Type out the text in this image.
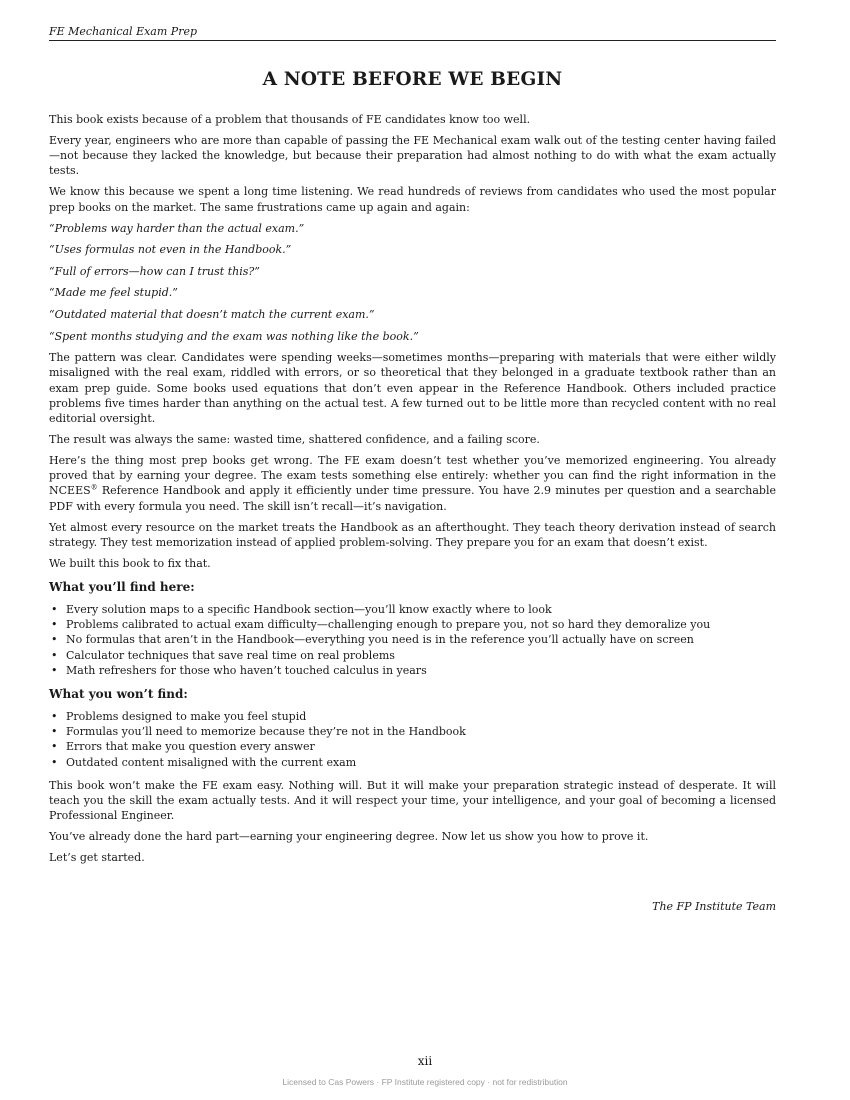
FE Mechanical Exam Prep
A NOTE BEFORE WE BEGIN

This book exists because of a problem that thousands of FE candidates know too well.

Every year, engineers who are more than capable of passing the FE Mechanical exam walk out of the testing center having failed—not because they lacked the knowledge, but because their preparation had almost nothing to do with what the exam actually tests.

We know this because we spent a long time listening. We read hundreds of reviews from candidates who used the most popular prep books on the market. The same frustrations came up again and again:

“Problems way harder than the actual exam.”

“Uses formulas not even in the Handbook.”

“Full of errors—how can I trust this?”

“Made me feel stupid.”

“Outdated material that doesn’t match the current exam.”

“Spent months studying and the exam was nothing like the book.”

The pattern was clear. Candidates were spending weeks—sometimes months—preparing with materials that were either wildly misaligned with the real exam, riddled with errors, or so theoretical that they belonged in a graduate textbook rather than an exam prep guide. Some books used equations that don’t even appear in the Reference Handbook. Others included practice problems five times harder than anything on the actual test. A few turned out to be little more than recycled content with no real editorial oversight.

The result was always the same: wasted time, shattered confidence, and a failing score.

Here’s the thing most prep books get wrong. The FE exam doesn’t test whether you’ve memorized engineering. You already proved that by earning your degree. The exam tests something else entirely: whether you can find the right information in the NCEES® Reference Handbook and apply it efficiently under time pressure. You have 2.9 minutes per question and a searchable PDF with every formula you need. The skill isn’t recall—it’s navigation.

Yet almost every resource on the market treats the Handbook as an afterthought. They teach theory derivation instead of search strategy. They test memorization instead of applied problem-solving. They prepare you for an exam that doesn’t exist.

We built this book to fix that.

What you’ll find here:
• Every solution maps to a specific Handbook section—you’ll know exactly where to look
• Problems calibrated to actual exam difficulty—challenging enough to prepare you, not so hard they demoralize you
• No formulas that aren’t in the Handbook—everything you need is in the reference you’ll actually have on screen
• Calculator techniques that save real time on real problems
• Math refreshers for those who haven’t touched calculus in years
What you won’t find:
• Problems designed to make you feel stupid
• Formulas you’ll need to memorize because they’re not in the Handbook
• Errors that make you question every answer
• Outdated content misaligned with the current exam

This book won’t make the FE exam easy. Nothing will. But it will make your preparation strategic instead of desperate. It will teach you the skill the exam actually tests. And it will respect your time, your intelligence, and your goal of becoming a licensed Professional Engineer.

You’ve already done the hard part—earning your engineering degree. Now let us show you how to prove it.

Let’s get started.

The FP Institute Team

xii
Licensed to Cas Powers · FP Institute registered copy · not for redistribution
